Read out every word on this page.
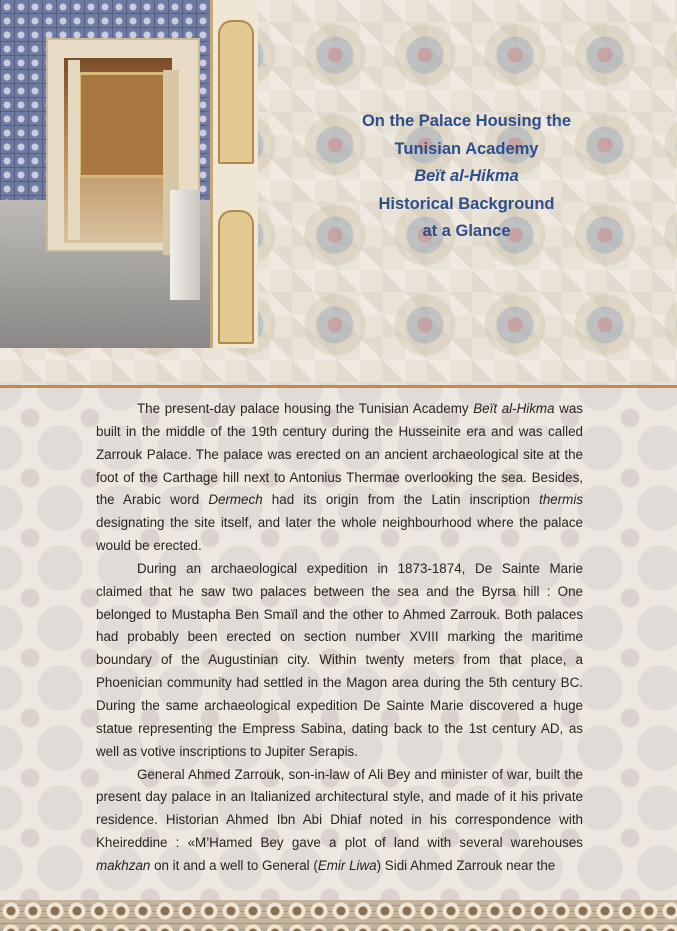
On the Palace Housing the
Tunisian Academy
Beït al-Hikma
Historical Background
at a Glance

The present-day palace housing the Tunisian Academy Beït al-Hikma was built in the middle of the 19th century during the Husseinite era and was called Zarrouk Palace. The palace was erected on an ancient archaeological site at the foot of the Carthage hill next to Antonius Thermae overlooking the sea. Besides, the Arabic word Dermech had its origin from the Latin inscription thermis designating the site itself, and later the whole neighbourhood where the palace would be erected.

During an archaeological expedition in 1873-1874, De Sainte Marie claimed that he saw two palaces between the sea and the Byrsa hill : One belonged to Mustapha Ben Smaïl and the other to Ahmed Zarrouk. Both palaces had probably been erected on section number XVIII marking the maritime boundary of the Augustinian city. Within twenty meters from that place, a Phoenician community had settled in the Magon area during the 5th century BC. During the same archaeological expedition De Sainte Marie discovered a huge statue representing the Empress Sabina, dating back to the 1st century AD, as well as votive inscriptions to Jupiter Serapis.

General Ahmed Zarrouk, son-in-law of Ali Bey and minister of war, built the present day palace in an Italianized architectural style, and made of it his private residence. Historian Ahmed Ibn Abi Dhiaf noted in his correspondence with Kheireddine : «M’Hamed Bey gave a plot of land with several warehouses makhzan on it and a well to General (Emir Liwa) Sidi Ahmed Zarrouk near the
